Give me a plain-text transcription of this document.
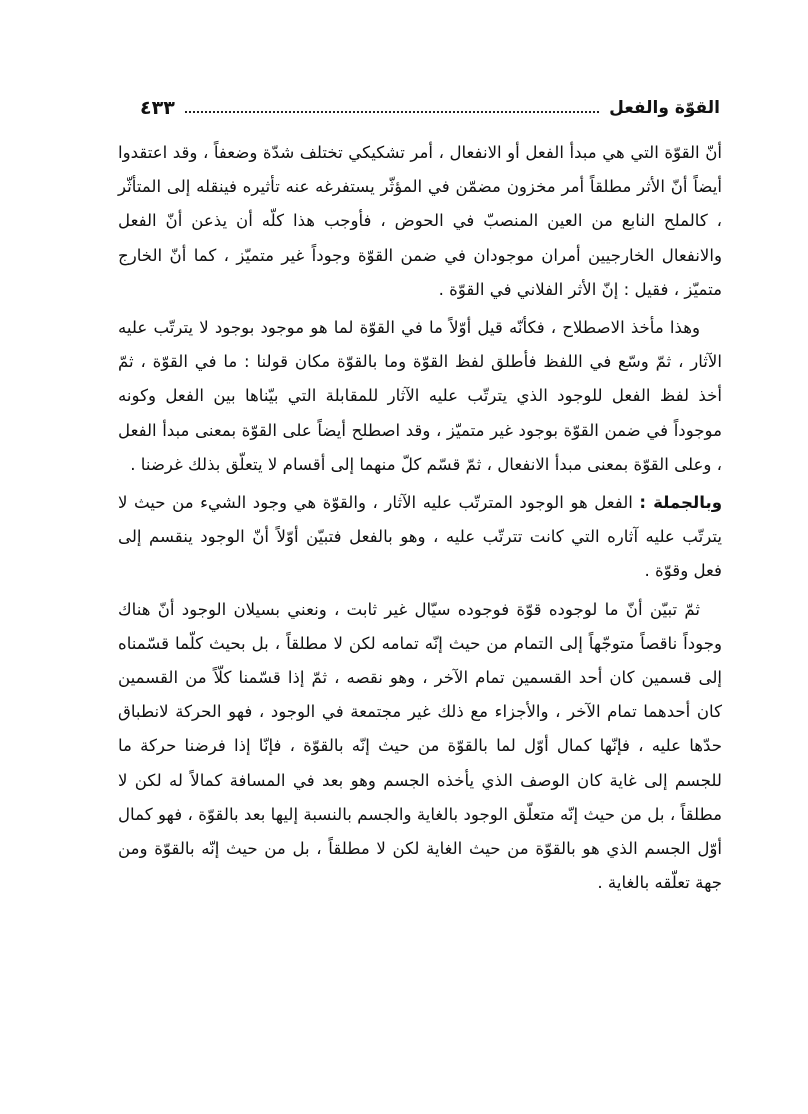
٤٣٣	القوّة والفعل

أنّ القوّة التي هي مبدأ الفعل أو الانفعال ، أمر تشكيكي تختلف شدّة وضعفاً ، وقد اعتقدوا أيضاً أنّ الأثر مطلقاً أمر مخزون مضمّن في المؤثّر يستفرغه عنه تأثيره فينقله إلى المتأثّر ، كالملح النابع من العين المنصبّ في الحوض ، فأوجب هذا كلّه أن يذعن أنّ الفعل والانفعال الخارجيين أمران موجودان في ضمن القوّة وجوداً غير متميّز ، كما أنّ الخارج متميّز ، فقيل : إنّ الأثر الفلاني في القوّة .

وهذا مأخذ الاصطلاح ، فكأنّه قيل أوّلاً ما في القوّة لما هو موجود بوجود لا يترتّب عليه الآثار ، ثمّ وسّع في اللفظ فأطلق لفظ القوّة وما بالقوّة مكان قولنا : ما في القوّة ، ثمّ أخذ لفظ الفعل للوجود الذي يترتّب عليه الآثار للمقابلة التي بيّناها بين الفعل وكونه موجوداً في ضمن القوّة بوجود غير متميّز ، وقد اصطلح أيضاً على القوّة بمعنى مبدأ الفعل ، وعلى القوّة بمعنى مبدأ الانفعال ، ثمّ قسّم كلّ منهما إلى أقسام لا يتعلّق بذلك غرضنا .

وبالجملة : الفعل هو الوجود المترتّب عليه الآثار ، والقوّة هي وجود الشيء من حيث لا يترتّب عليه آثاره التي كانت تترتّب عليه ، وهو بالفعل فتبيّن أوّلاً أنّ الوجود ينقسم إلى فعل وقوّة .

ثمّ تبيّن أنّ ما لوجوده قوّة فوجوده سيّال غير ثابت ، ونعني بسيلان الوجود أنّ هناك وجوداً ناقصاً متوجّهاً إلى التمام من حيث إنّه تمامه لكن لا مطلقاً ، بل بحيث كلّما قسّمناه إلى قسمين كان أحد القسمين تمام الآخر ، وهو نقصه ، ثمّ إذا قسّمنا كلّاً من القسمين كان أحدهما تمام الآخر ، والأجزاء مع ذلك غير مجتمعة في الوجود ، فهو الحركة لانطباق حدّها عليه ، فإنّها كمال أوّل لما بالقوّة من حيث إنّه بالقوّة ، فإنّا إذا فرضنا حركة ما للجسم إلى غاية كان الوصف الذي يأخذه الجسم وهو بعد في المسافة كمالاً له لكن لا مطلقاً ، بل من حيث إنّه متعلّق الوجود بالغاية والجسم بالنسبة إليها بعد بالقوّة ، فهو كمال أوّل الجسم الذي هو بالقوّة من حيث الغاية لكن لا مطلقاً ، بل من حيث إنّه بالقوّة ومن جهة تعلّقه بالغاية .
